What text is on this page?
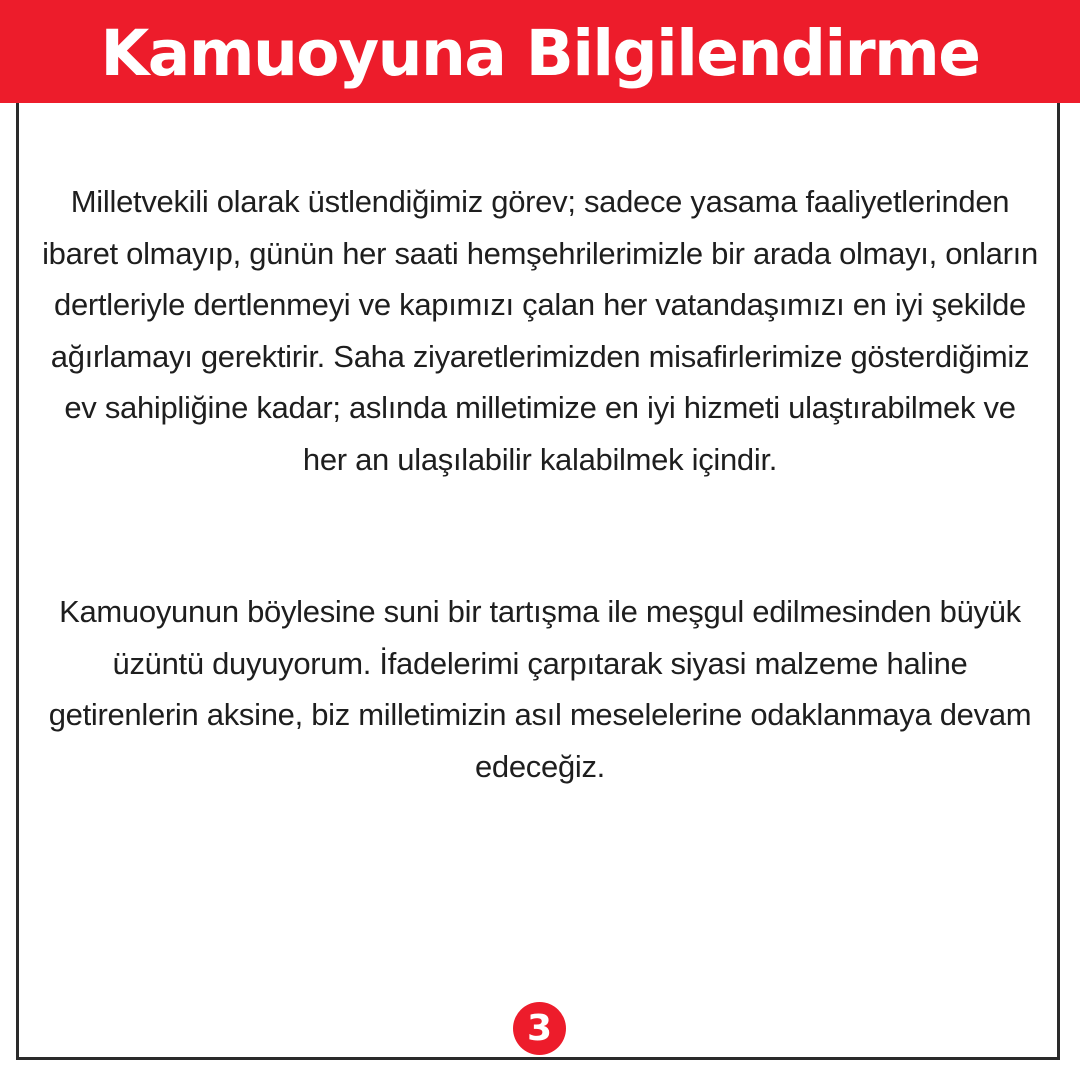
Kamuoyuna Bilgilendirme

Milletvekili olarak üstlendiğimiz görev; sadece yasama faaliyetlerinden ibaret olmayıp, günün her saati hemşehrilerimizle bir arada olmayı, onların dertleriyle dertlenmeyi ve kapımızı çalan her vatandaşımızı en iyi şekilde ağırlamayı gerektirir. Saha ziyaretlerimizden misafirlerimize gösterdiğimiz ev sahipliğine kadar; aslında milletimize en iyi hizmeti ulaştırabilmek ve her an ulaşılabilir kalabilmek içindir.

Kamuoyunun böylesine suni bir tartışma ile meşgul edilmesinden büyük üzüntü duyuyorum. İfadelerimi çarpıtarak siyasi malzeme haline getirenlerin aksine, biz milletimizin asıl meselelerine odaklanmaya devam edeceğiz.

3
